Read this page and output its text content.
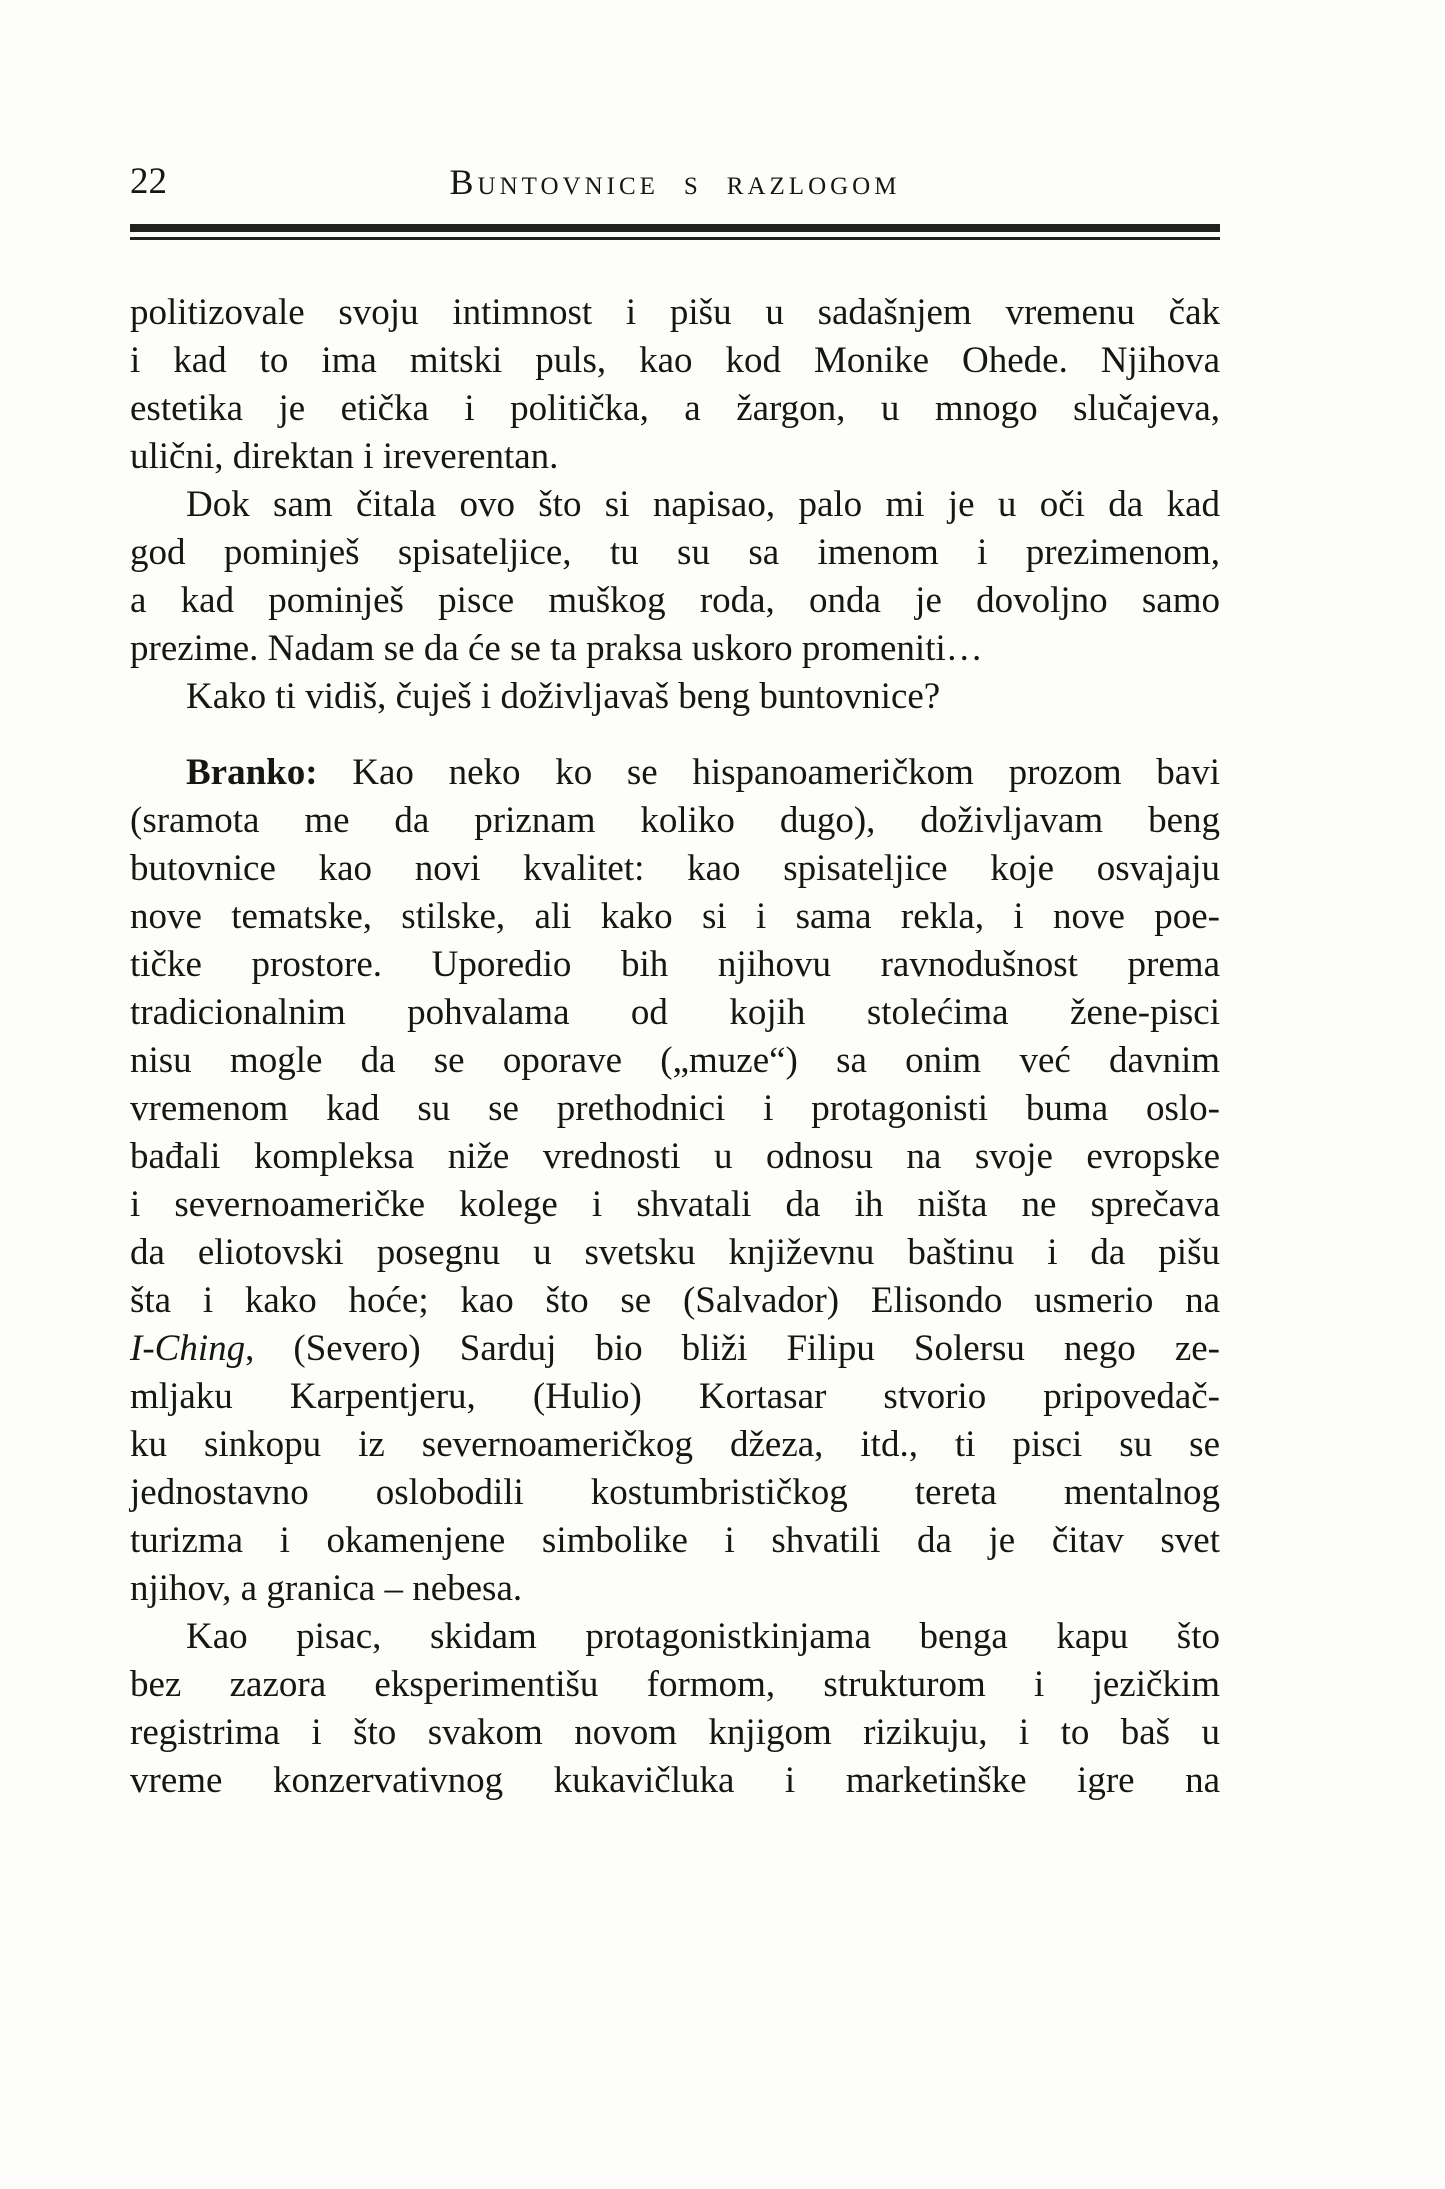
22	Buntovnice s razlogom
politizovale svoju intimnost i pišu u sadašnjem vremenu čak
i kad to ima mitski puls, kao kod Monike Ohede. Njihova
estetika je etička i politička, a žargon, u mnogo slučajeva,
ulični, direktan i ireverentan.
Dok sam čitala ovo što si napisao, palo mi je u oči da kad
god pominješ spisateljice, tu su sa imenom i prezimenom,
a kad pominješ pisce muškog roda, onda je dovoljno samo
prezime. Nadam se da će se ta praksa uskoro promeniti…
Kako ti vidiš, čuješ i doživljavaš beng buntovnice?
Branko: Kao neko ko se hispanoameričkom prozom bavi
(sramota me da priznam koliko dugo), doživljavam beng
butovnice kao novi kvalitet: kao spisateljice koje osvajaju
nove tematske, stilske, ali kako si i sama rekla, i nove poe-
tičke prostore. Uporedio bih njihovu ravnodušnost prema
tradicionalnim pohvalama od kojih stolećima žene-pisci
nisu mogle da se oporave („muze“) sa onim već davnim
vremenom kad su se prethodnici i protagonisti buma oslo-
bađali kompleksa niže vrednosti u odnosu na svoje evropske
i severnoameričke kolege i shvatali da ih ništa ne sprečava
da eliotovski posegnu u svetsku književnu baštinu i da pišu
šta i kako hoće; kao što se (Salvador) Elisondo usmerio na
I-Ching, (Severo) Sarduj bio bliži Filipu Solersu nego ze-
mljaku Karpentjeru, (Hulio) Kortasar stvorio pripovedač-
ku sinkopu iz severnoameričkog džeza, itd., ti pisci su se
jednostavno oslobodili kostumbrističkog tereta mentalnog
turizma i okamenjene simbolike i shvatili da je čitav svet
njihov, a granica – nebesa.
Kao pisac, skidam protagonistkinjama benga kapu što
bez zazora eksperimentišu formom, strukturom i jezičkim
registrima i što svakom novom knjigom rizikuju, i to baš u
vreme konzervativnog kukavičluka i marketinške igre na
